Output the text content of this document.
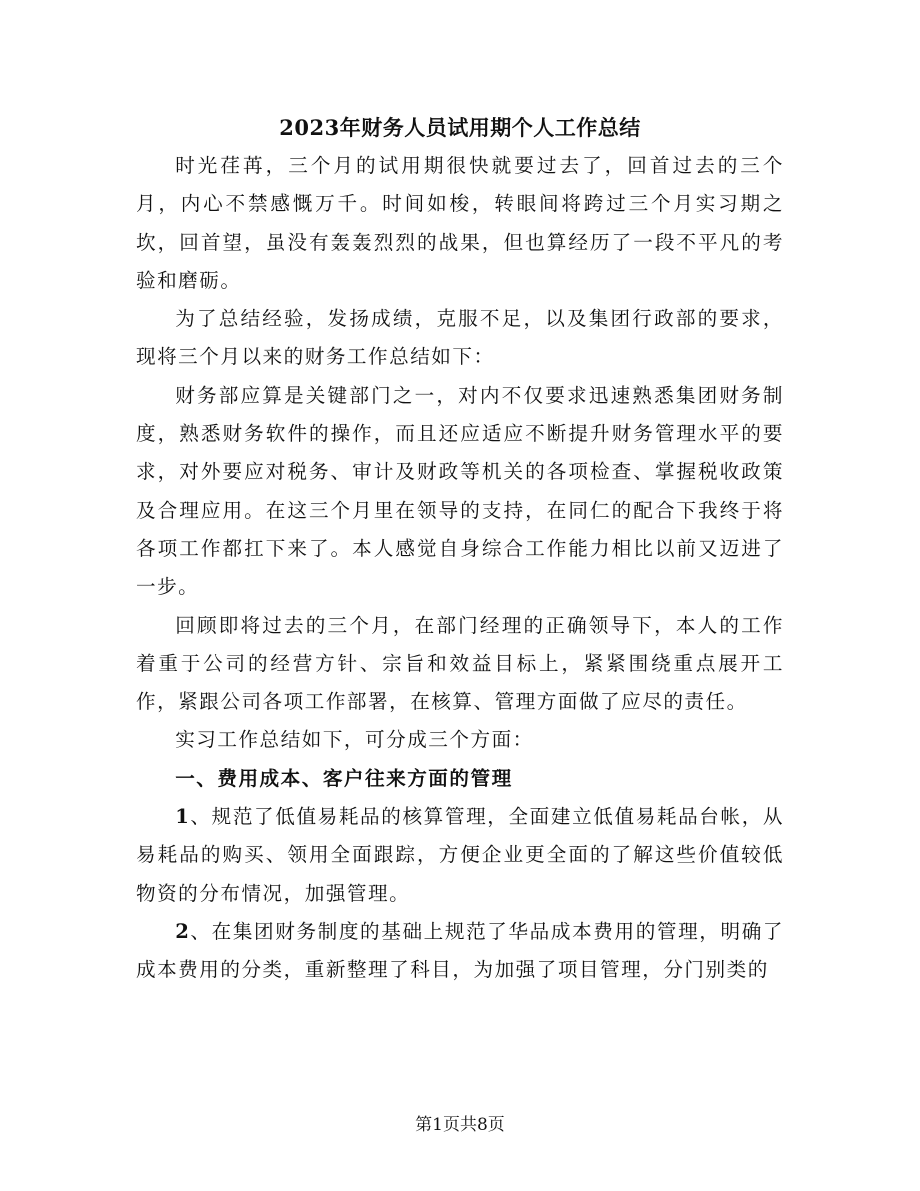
2023年财务人员试用期个人工作总结

时光荏苒，三个月的试用期很快就要过去了，回首过去的三个月，内心不禁感慨万千。时间如梭，转眼间将跨过三个月实习期之坎，回首望，虽没有轰轰烈烈的战果，但也算经历了一段不平凡的考验和磨砺。

为了总结经验，发扬成绩，克服不足，以及集团行政部的要求，现将三个月以来的财务工作总结如下：

财务部应算是关键部门之一，对内不仅要求迅速熟悉集团财务制度，熟悉财务软件的操作，而且还应适应不断提升财务管理水平的要求，对外要应对税务、审计及财政等机关的各项检查、掌握税收政策及合理应用。在这三个月里在领导的支持，在同仁的配合下我终于将各项工作都扛下来了。本人感觉自身综合工作能力相比以前又迈进了一步。

回顾即将过去的三个月，在部门经理的正确领导下，本人的工作着重于公司的经营方针、宗旨和效益目标上，紧紧围绕重点展开工作，紧跟公司各项工作部署，在核算、管理方面做了应尽的责任。

实习工作总结如下，可分成三个方面：

一、费用成本、客户往来方面的管理

1、规范了低值易耗品的核算管理，全面建立低值易耗品台帐，从易耗品的购买、领用全面跟踪，方便企业更全面的了解这些价值较低物资的分布情况，加强管理。

2、在集团财务制度的基础上规范了华品成本费用的管理，明确了成本费用的分类，重新整理了科目，为加强了项目管理，分门别类的

第1页共8页
